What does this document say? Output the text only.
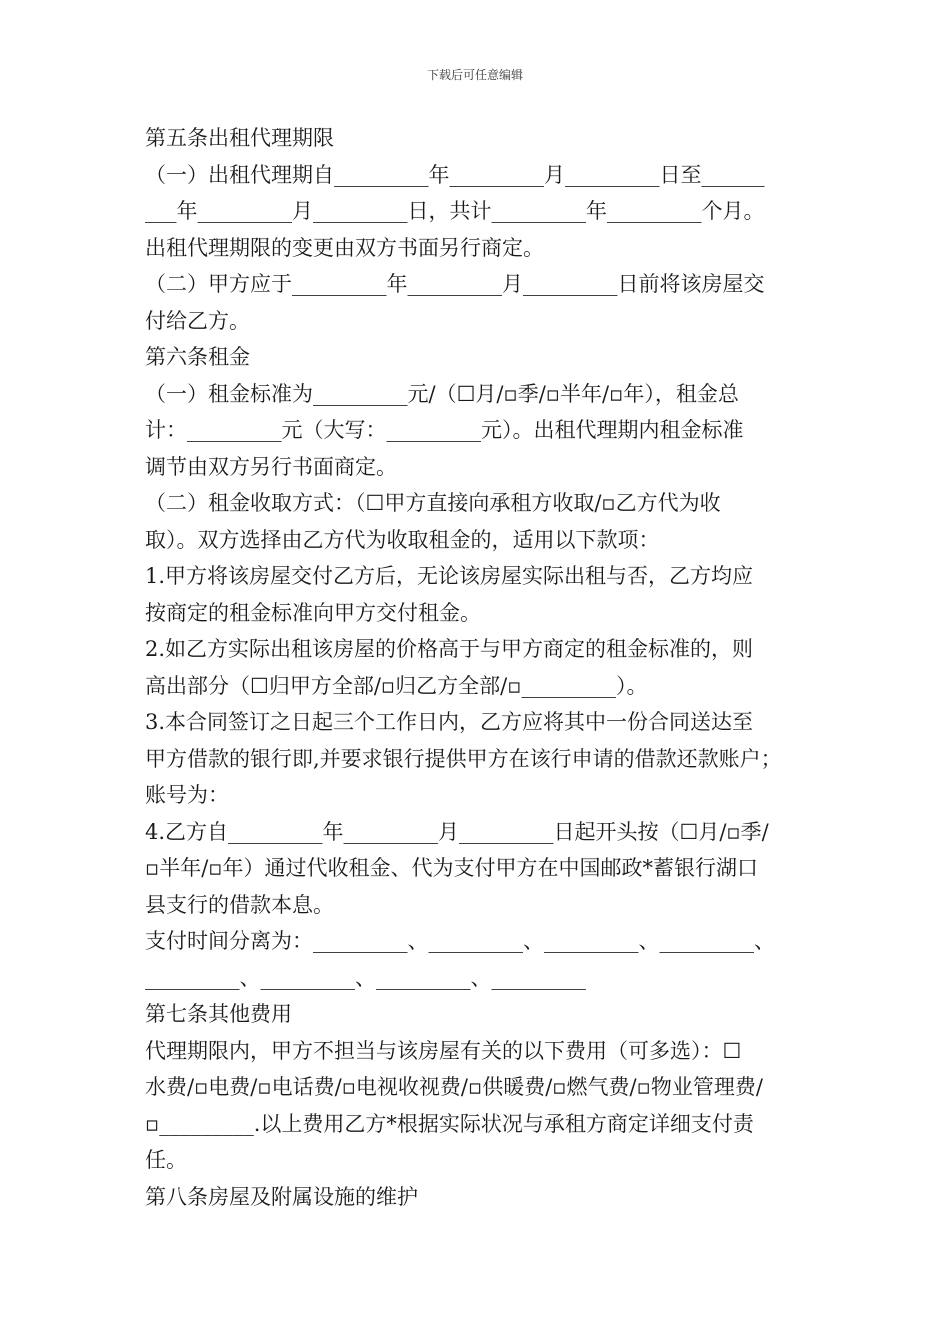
下载后可任意编辑
第五条出租代理期限
（一）出租代理期自_________年_________月_________日至______
___年_________月_________日，共计_________年_________个月。
出租代理期限的变更由双方书面另行商定。
（二）甲方应于_________年_________月_________日前将该房屋交
付给乙方。
第六条租金
（一）租金标准为_________元/（☐月/▫季/▫半年/▫年），租金总
计：_________元（大写：_________元）。出租代理期内租金标准
调节由双方另行书面商定。
（二）租金收取方式：（☐甲方直接向承租方收取/▫乙方代为收
取）。双方选择由乙方代为收取租金的，适用以下款项：
1.甲方将该房屋交付乙方后，无论该房屋实际出租与否，乙方均应
按商定的租金标准向甲方交付租金。
2.如乙方实际出租该房屋的价格高于与甲方商定的租金标准的，则
高出部分（☐归甲方全部/▫归乙方全部/▫_________）。
3.本合同签订之日起三个工作日内，乙方应将其中一份合同送达至
甲方借款的银行即,并要求银行提供甲方在该行申请的借款还款账户；
账号为：
4.乙方自_________年_________月_________日起开头按（☐月/▫季/
▫半年/▫年）通过代收租金、代为支付甲方在中国邮政*蓄银行湖口
县支行的借款本息。
支付时间分离为：_________、_________、_________、_________、
_________、_________、_________、_________
第七条其他费用
代理期限内，甲方不担当与该房屋有关的以下费用（可多选）：☐
水费/▫电费/▫电话费/▫电视收视费/▫供暖费/▫燃气费/▫物业管理费/
▫_________.以上费用乙方*根据实际状况与承租方商定详细支付责
任。
第八条房屋及附属设施的维护
